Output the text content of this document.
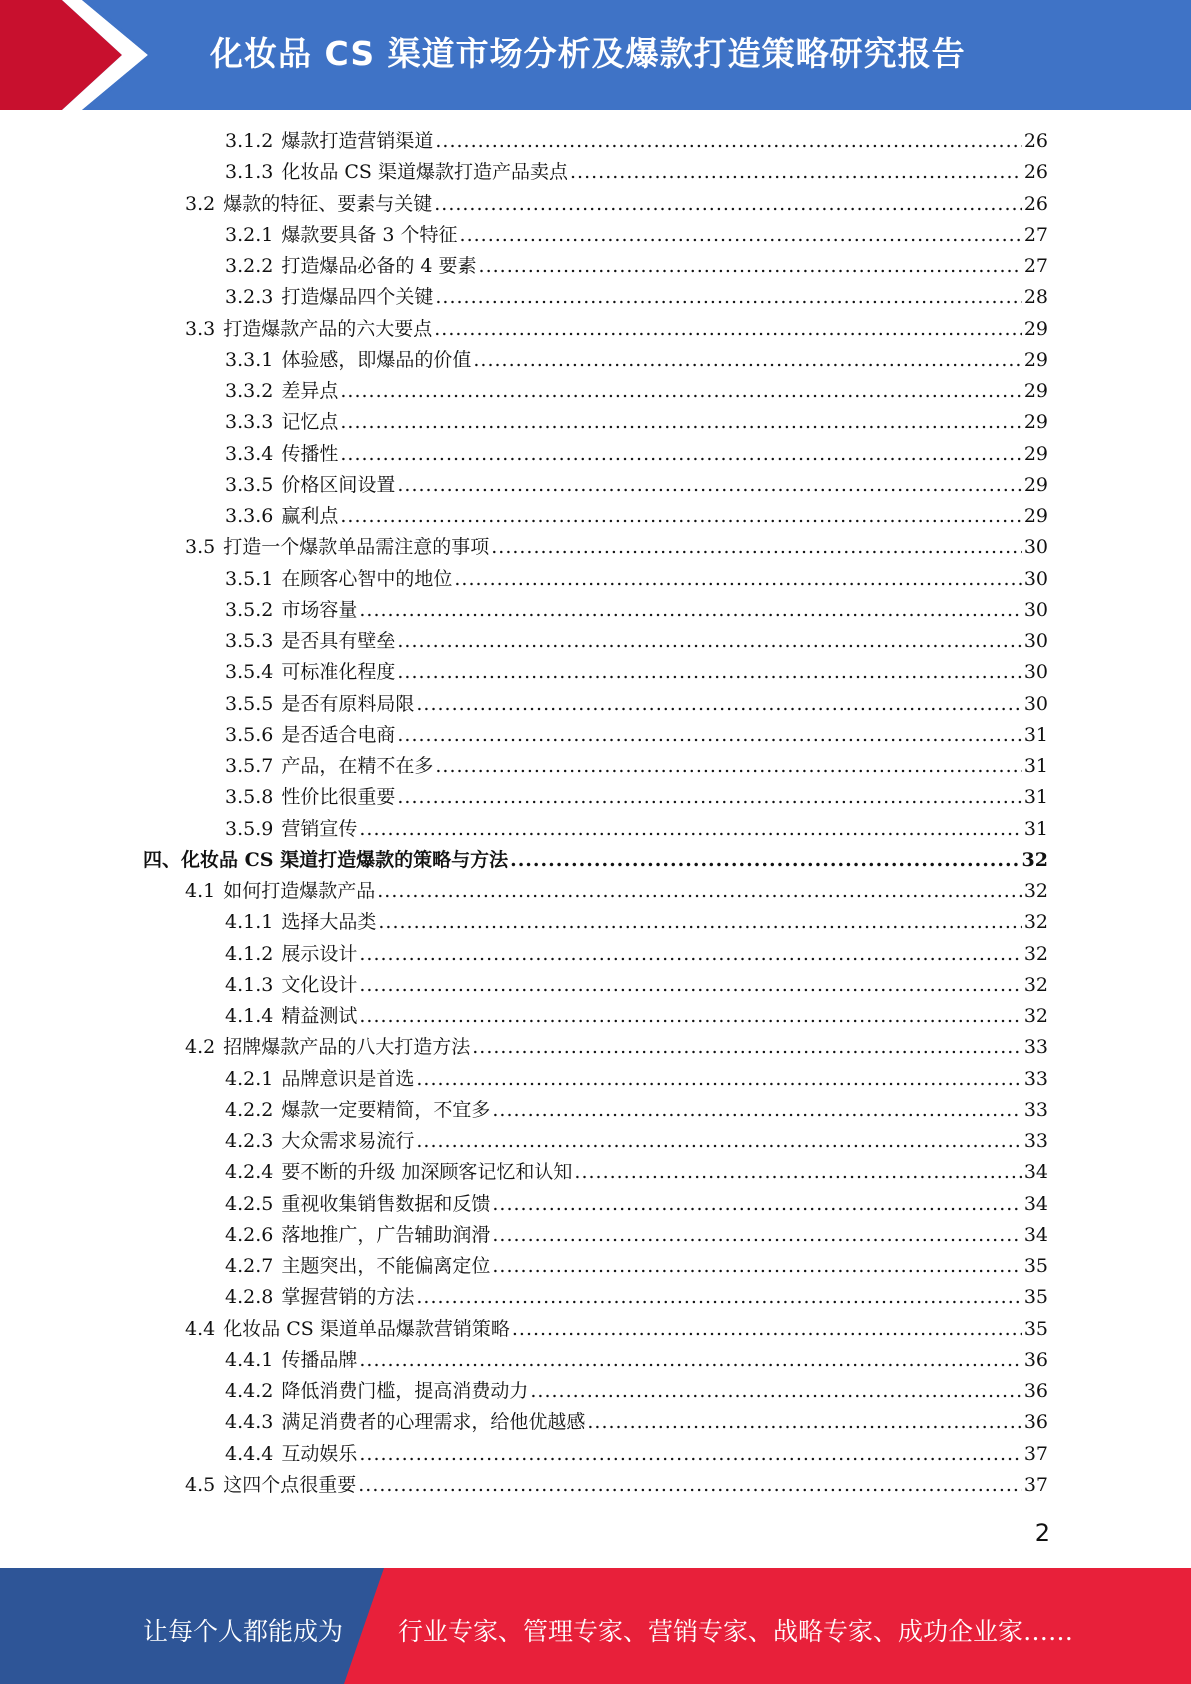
化妆品 CS 渠道市场分析及爆款打造策略研究报告
3.1.2 爆款打造营销渠道 .....	26
3.1.3 化妆品 CS 渠道爆款打造产品卖点 .....	26
3.2 爆款的特征、要素与关键 .....	26
3.2.1 爆款要具备 3 个特征 .....	27
3.2.2 打造爆品必备的 4 要素 .....	27
3.2.3 打造爆品四个关键 .....	28
3.3 打造爆款产品的六大要点 .....	29
3.3.1 体验感，即爆品的价值 .....	29
3.3.2 差异点 .....	29
3.3.3 记忆点 .....	29
3.3.4 传播性 .....	29
3.3.5 价格区间设置 .....	29
3.3.6 赢利点 .....	29
3.5 打造一个爆款单品需注意的事项 .....	30
3.5.1 在顾客心智中的地位 .....	30
3.5.2 市场容量 .....	30
3.5.3 是否具有壁垒 .....	30
3.5.4 可标准化程度 .....	30
3.5.5 是否有原料局限 .....	30
3.5.6 是否适合电商 .....	31
3.5.7 产品，在精不在多 .....	31
3.5.8 性价比很重要 .....	31
3.5.9 营销宣传 .....	31
四、化妆品 CS 渠道打造爆款的策略与方法 .....	32
4.1 如何打造爆款产品 .....	32
4.1.1 选择大品类 .....	32
4.1.2 展示设计 .....	32
4.1.3 文化设计 .....	32
4.1.4 精益测试 .....	32
4.2 招牌爆款产品的八大打造方法 .....	33
4.2.1 品牌意识是首选 .....	33
4.2.2 爆款一定要精简，不宜多 .....	33
4.2.3 大众需求易流行 .....	33
4.2.4 要不断的升级 加深顾客记忆和认知 .....	34
4.2.5 重视收集销售数据和反馈 .....	34
4.2.6 落地推广，广告辅助润滑 .....	34
4.2.7 主题突出，不能偏离定位 .....	35
4.2.8 掌握营销的方法 .....	35
4.4 化妆品 CS 渠道单品爆款营销策略 .....	35
4.4.1 传播品牌 .....	36
4.4.2 降低消费门槛，提高消费动力 .....	36
4.4.3 满足消费者的心理需求，给他优越感 .....	36
4.4.4 互动娱乐 .....	37
4.5 这四个点很重要 .....	37
2
让每个人都能成为 行业专家、管理专家、营销专家、战略专家、成功企业家……
